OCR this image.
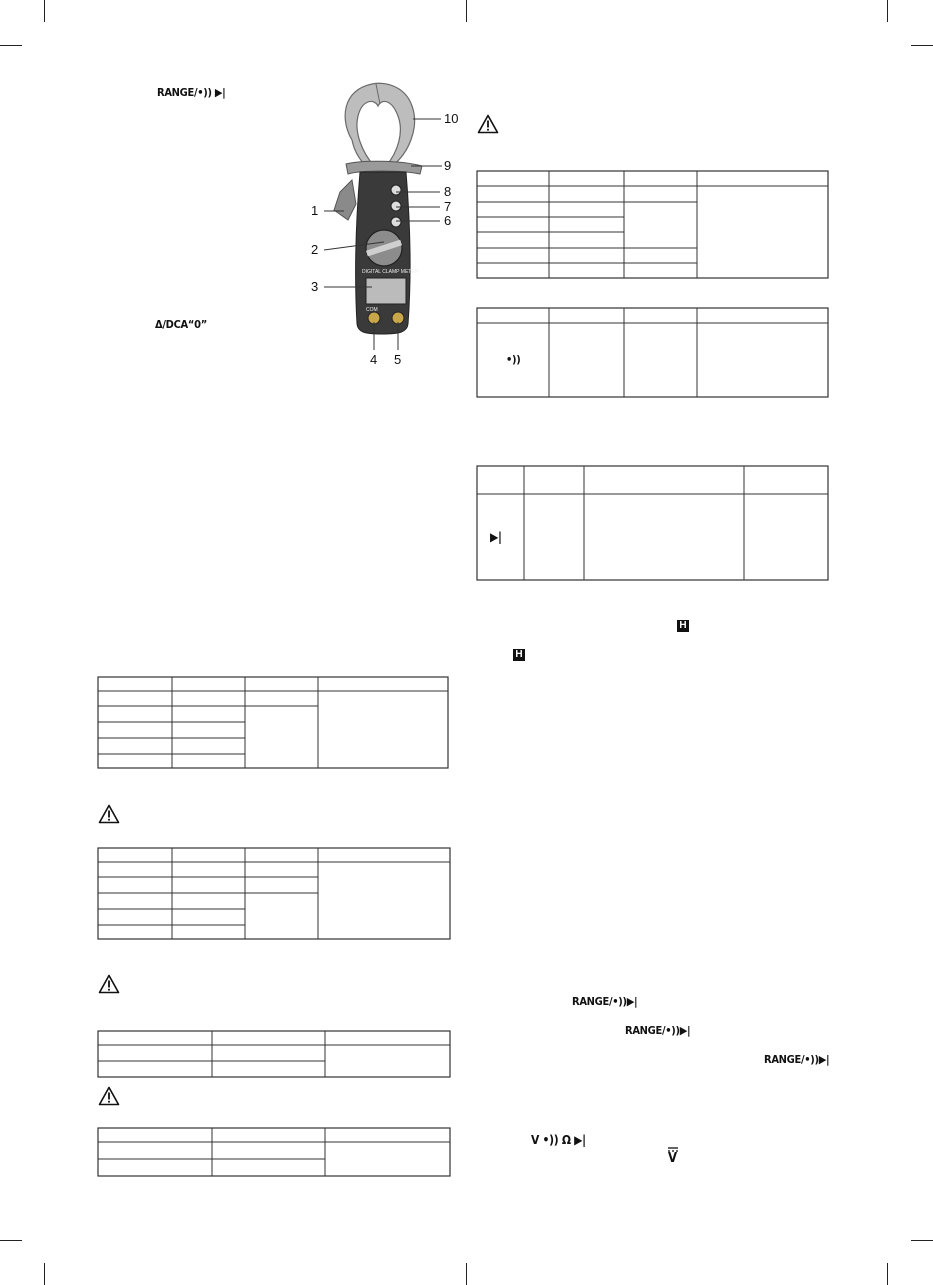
RANGE/•)) ▶|
Δ/DCA“0”
DIGITAL CLAMP METER
COM
1
2
3
4 5
6
7
8
9
10
•))
▶|
H
H
RANGE/•))▶|
RANGE/•))▶|
RANGE/•))▶|
V •)) Ω ▶|
V
